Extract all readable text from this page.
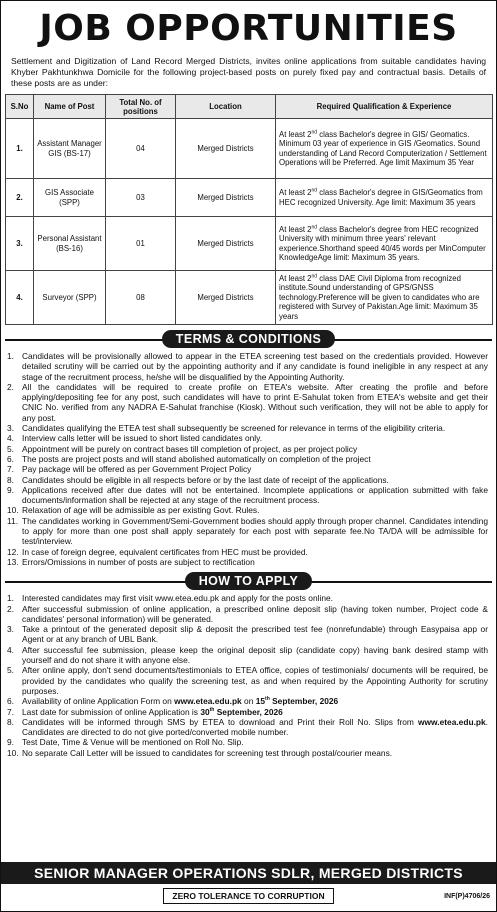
JOB OPPORTUNITIES

Settlement and Digitization of Land Record Merged Districts, invites online applications from suitable candidates having Khyber Pakhtunkhwa Domicile for the following project-based posts on purely fixed pay and contractual basis. Details of these posts are as under:

S.No	Name of Post	Total No. of positions	Location	Required Qualification & Experience
1.	Assistant Manager GIS (BS-17)	04	Merged Districts	At least 2nd class Bachelor's degree in GIS/ Geomatics. Minimum 03 year of experience in GIS /Geomatics. Sound understanding of Land Record Computerization / Settlement Operations will be Preferred. Age limit Maximum 35 Year
2.	GIS Associate (SPP)	03	Merged Districts	At least 2nd class Bachelor's degree in GIS/Geomatics from HEC recognized University. Age limit: Maximum 35 years
3.	Personal Assistant (BS-16)	01	Merged Districts	At least 2nd class Bachelor's degree from HEC recognized University with minimum three years' relevant experience.Shorthand speed 40/45 words per MinComputer KnowledgeAge limit: Maximum 35 years.
4.	Surveyor (SPP)	08	Merged Districts	At least 2nd class DAE Civil Diploma from recognized institute.Sound understanding of GPS/GNSS technology.Preference will be given to candidates who are registered with Survey of Pakistan.Age limit: Maximum 35 years
TERMS & CONDITIONS
1. Candidates will be provisionally allowed to appear in the ETEA screening test based on the credentials provided. However detailed scrutiny will be carried out by the appointing authority and if any candidate is found ineligible in any respect at any stage of the recruitment process, he/she will be disqualified by the Appointing Authority.
2. All the candidates will be required to create profile on ETEA's website. After creating the profile and before applying/depositing fee for any post, such candidates will have to print E-Sahulat token from ETEA's website and get their CNIC No. verified from any NADRA E-Sahulat franchise (Kiosk). Without such verification, they will not be able to apply for any post.
3. Candidates qualifying the ETEA test shall subsequently be screened for relevance in terms of the eligibility criteria.
4. Interview calls letter will be issued to short listed candidates only.
5. Appointment will be purely on contract bases till completion of project, as per project policy
6. The posts are project posts and will stand abolished automatically on completion of the project
7. Pay package will be offered as per Government Project Policy
8. Candidates should be eligible in all respects before or by the last date of receipt of the applications.
9. Applications received after due dates will not be entertained. Incomplete applications or application submitted with fake documents/information shall be rejected at any stage of the recruitment process.
10. Relaxation of age will be admissible as per existing Govt. Rules.
11. The candidates working in Government/Semi-Government bodies should apply through proper channel. Candidates intending to apply for more than one post shall apply separately for each post with separate fee.No TA/DA will be admissible for test/interview.
12. In case of foreign degree, equivalent certificates from HEC must be provided.
13. Errors/Omissions in number of posts are subject to rectification
HOW TO APPLY
1. Interested candidates may first visit www.etea.edu.pk and apply for the posts online.
2. After successful submission of online application, a prescribed online deposit slip (having token number, Project code & candidates' personal information) will be generated.
3. Take a printout of the generated deposit slip & deposit the prescribed test fee (nonrefundable) through Easypaisa app or Agent or at any branch of UBL Bank.
4. After successful fee submission, please keep the original deposit slip (candidate copy) having bank desired stamp with yourself and do not share it with anyone else.
5. After online apply, don't send documents/testimonials to ETEA office, copies of testimonials/ documents will be required, be provided by the candidates who qualify the screening test, as and when required by the Appointing Authority for scrutiny purposes.
6. Availability of online Application Form on www.etea.edu.pk on 15th September, 2026
7. Last date for submission of online Application is 30th September, 2026
8. Candidates will be informed through SMS by ETEA to download and Print their Roll No. Slips from www.etea.edu.pk. Candidates are directed to do not give ported/converted mobile number.
9. Test Date, Time & Venue will be mentioned on Roll No. Slip.
10. No separate Call Letter will be issued to candidates for screening test through postal/courier means.
SENIOR MANAGER OPERATIONS SDLR, MERGED DISTRICTS
ZERO TOLERANCE TO CORRUPTION	INF(P)4706/26
